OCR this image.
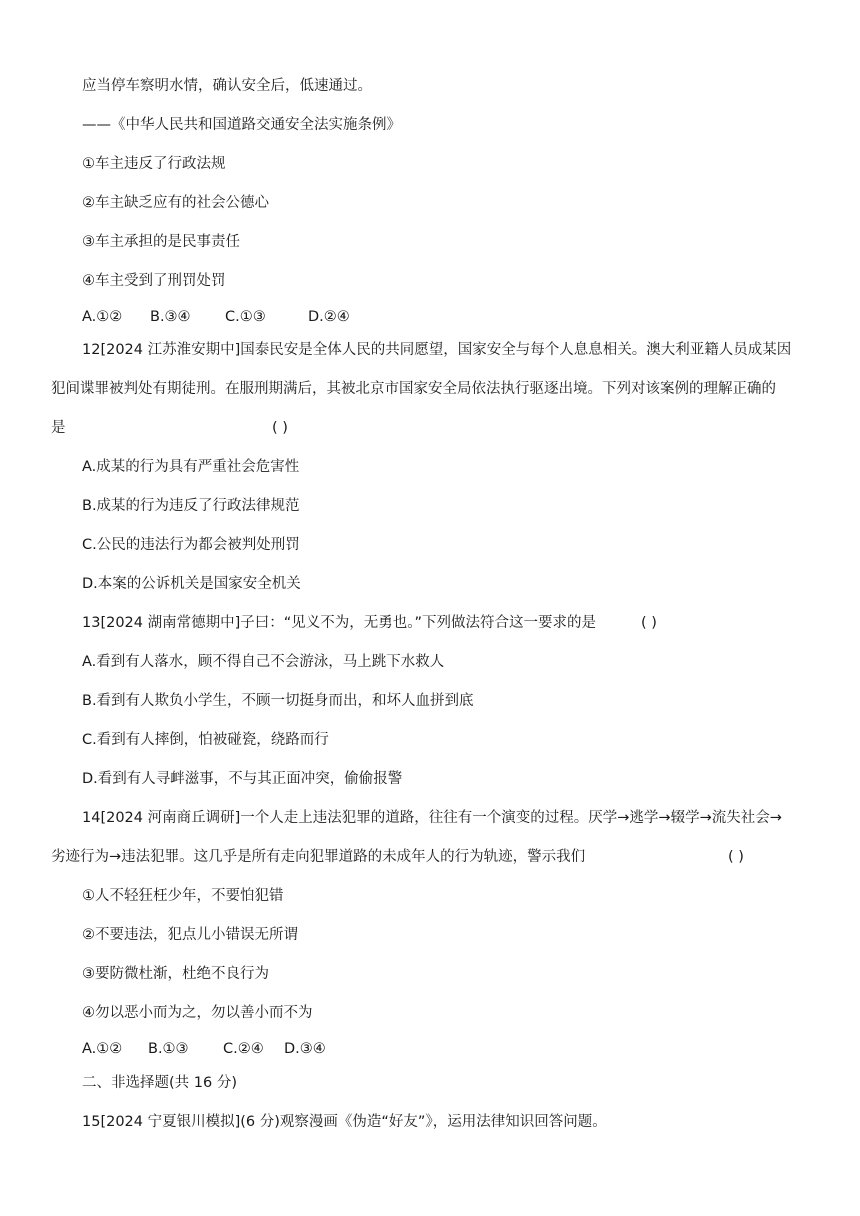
应当停车察明水情，确认安全后，低速通过。
——《中华人民共和国道路交通安全法实施条例》
①车主违反了行政法规
②车主缺乏应有的社会公德心
③车主承担的是民事责任
④车主受到了刑罚处罚
A.①② B.③④ C.①③	D.②④
12[2024 江苏淮安期中]国泰民安是全体人民的共同愿望，国家安全与每个人息息相关。澳大利亚籍人员成某因
犯间谍罪被判处有期徒刑。在服刑期满后，其被北京市国家安全局依法执行驱逐出境。下列对该案例的理解正确的
是	( )
A.成某的行为具有严重社会危害性
B.成某的行为违反了行政法律规范
C.公民的违法行为都会被判处刑罚
D.本案的公诉机关是国家安全机关
13[2024 湖南常德期中]子曰：“见义不为，无勇也。”下列做法符合这一要求的是	( )
A.看到有人落水，顾不得自己不会游泳，马上跳下水救人
B.看到有人欺负小学生，不顾一切挺身而出，和坏人血拼到底
C.看到有人摔倒，怕被碰瓷，绕路而行
D.看到有人寻衅滋事，不与其正面冲突，偷偷报警
14[2024 河南商丘调研]一个人走上违法犯罪的道路，往往有一个演变的过程。厌学→逃学→辍学→流失社会→
劣迹行为→违法犯罪。这几乎是所有走向犯罪道路的未成年人的行为轨迹，警示我们	( )
①人不轻狂枉少年，不要怕犯错
②不要违法，犯点儿小错误无所谓
③要防微杜渐，杜绝不良行为
④勿以恶小而为之，勿以善小而不为
A.①② B.①③ C.②④ D.③④
二、非选择题(共 16 分)
15[2024 宁夏银川模拟](6 分)观察漫画《伪造“好友”》，运用法律知识回答问题。
